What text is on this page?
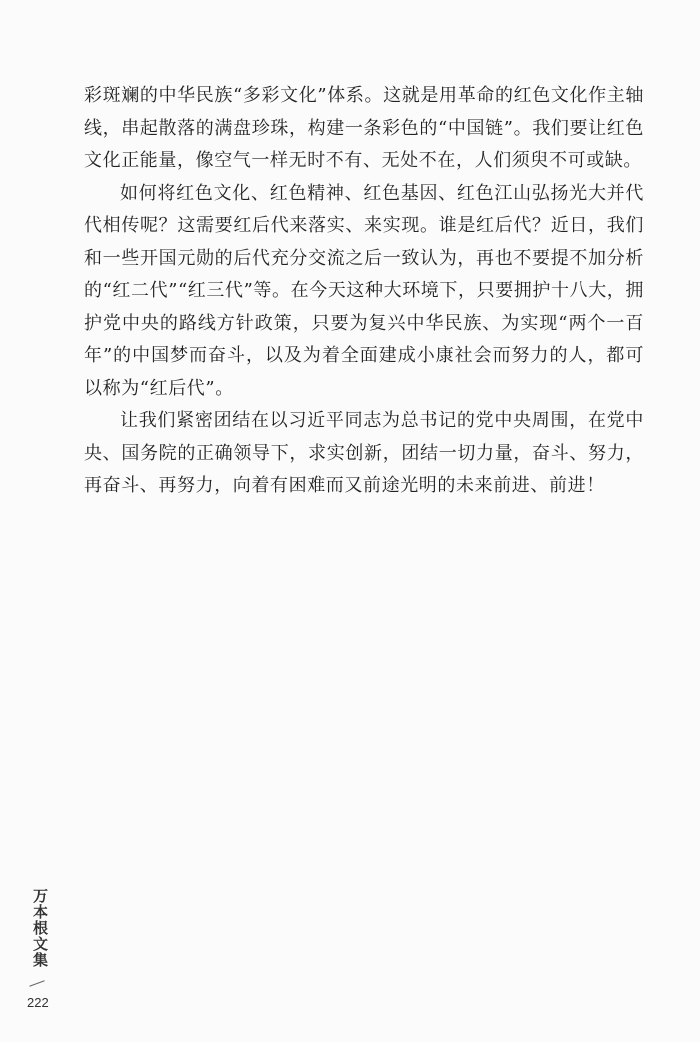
彩斑斓的中华民族“多彩文化”体系。这就是用革命的红色文化作主轴线，串起散落的满盘珍珠，构建一条彩色的“中国链”。我们要让红色文化正能量，像空气一样无时不有、无处不在，人们须臾不可或缺。

如何将红色文化、红色精神、红色基因、红色江山弘扬光大并代代相传呢？这需要红后代来落实、来实现。谁是红后代？近日，我们和一些开国元勋的后代充分交流之后一致认为，再也不要提不加分析的“红二代”“红三代”等。在今天这种大环境下，只要拥护十八大，拥护党中央的路线方针政策，只要为复兴中华民族、为实现“两个一百年”的中国梦而奋斗，以及为着全面建成小康社会而努力的人，都可以称为“红后代”。

让我们紧密团结在以习近平同志为总书记的党中央周围，在党中央、国务院的正确领导下，求实创新，团结一切力量，奋斗、努力，再奋斗、再努力，向着有困难而又前途光明的未来前进、前进！

万本根文集
222
